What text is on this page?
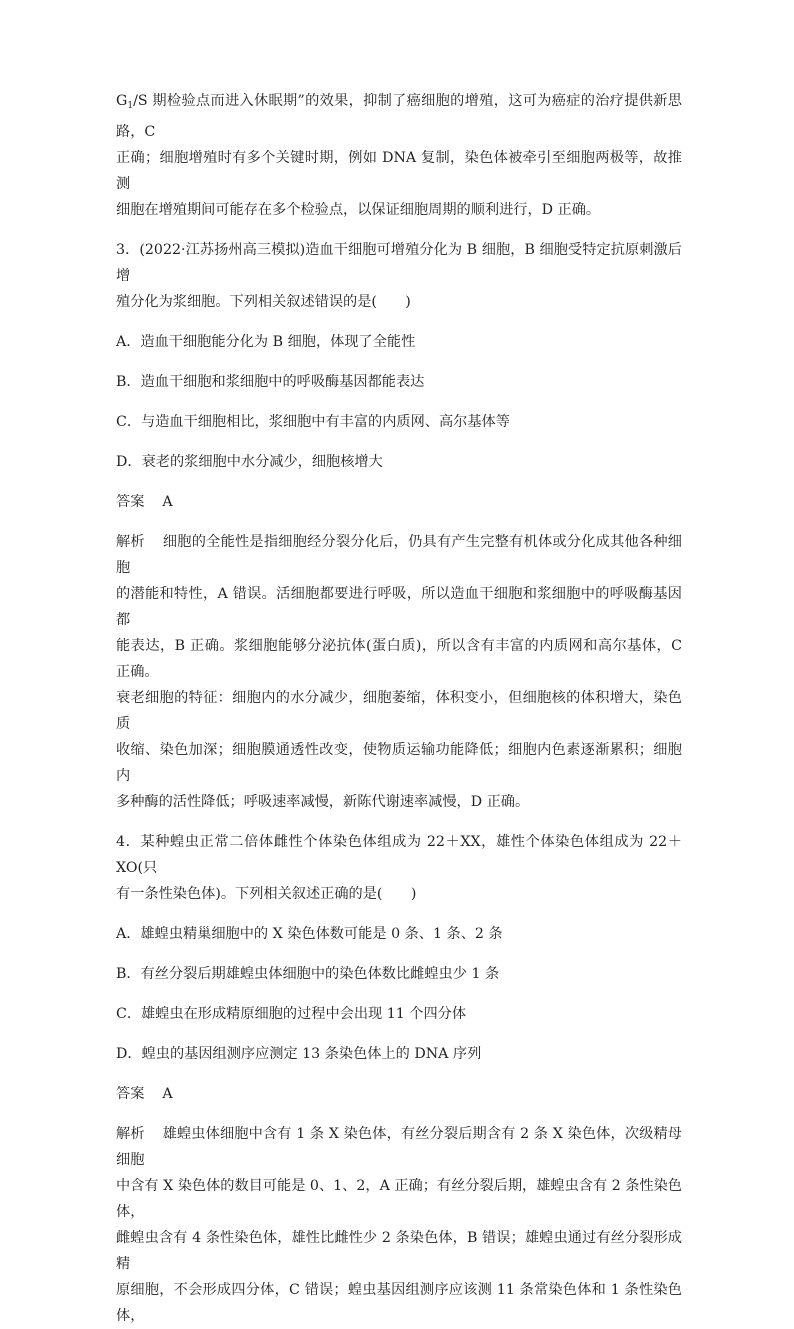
$G_1/S$ 期检验点而进入休眠期”的效果，抑制了癌细胞的增殖，这可为癌症的治疗提供新思路，C

正确；细胞增殖时有多个关键时期，例如 DNA 复制，染色体被牵引至细胞两极等，故推测

细胞在增殖期间可能存在多个检验点，以保证细胞周期的顺利进行，D 正确。

3．(2022·江苏扬州高三模拟)造血干细胞可增殖分化为 B 细胞，B 细胞受特定抗原刺激后增

殖分化为浆细胞。下列相关叙述错误的是(　　)

A．造血干细胞能分化为 B 细胞，体现了全能性

B．造血干细胞和浆细胞中的呼吸酶基因都能表达

C．与造血干细胞相比，浆细胞中有丰富的内质网、高尔基体等

D．衰老的浆细胞中水分减少，细胞核增大

答案 A

解析 细胞的全能性是指细胞经分裂分化后，仍具有产生完整有机体或分化成其他各种细胞

的潜能和特性，A 错误。活细胞都要进行呼吸，所以造血干细胞和浆细胞中的呼吸酶基因都

能表达，B 正确。浆细胞能够分泌抗体(蛋白质)，所以含有丰富的内质网和高尔基体，C 正确。

衰老细胞的特征：细胞内的水分减少，细胞萎缩，体积变小，但细胞核的体积增大，染色质

收缩、染色加深；细胞膜通透性改变，使物质运输功能降低；细胞内色素逐渐累积；细胞内

多种酶的活性降低；呼吸速率减慢，新陈代谢速率减慢，D 正确。

4．某种蝗虫正常二倍体雌性个体染色体组成为 22＋XX，雄性个体染色体组成为 22＋XO(只

有一条性染色体)。下列相关叙述正确的是(　　)

A．雄蝗虫精巢细胞中的 X 染色体数可能是 0 条、1 条、2 条

B．有丝分裂后期雄蝗虫体细胞中的染色体数比雌蝗虫少 1 条

C．雄蝗虫在形成精原细胞的过程中会出现 11 个四分体

D．蝗虫的基因组测序应测定 13 条染色体上的 DNA 序列

答案 A

解析 雄蝗虫体细胞中含有 1 条 X 染色体，有丝分裂后期含有 2 条 X 染色体，次级精母细胞

中含有 X 染色体的数目可能是 0、1、2，A 正确；有丝分裂后期，雄蝗虫含有 2 条性染色体，

雌蝗虫含有 4 条性染色体，雄性比雌性少 2 条染色体，B 错误；雄蝗虫通过有丝分裂形成精

原细胞，不会形成四分体，C 错误；蝗虫基因组测序应该测 11 条常染色体和 1 条性染色体，
